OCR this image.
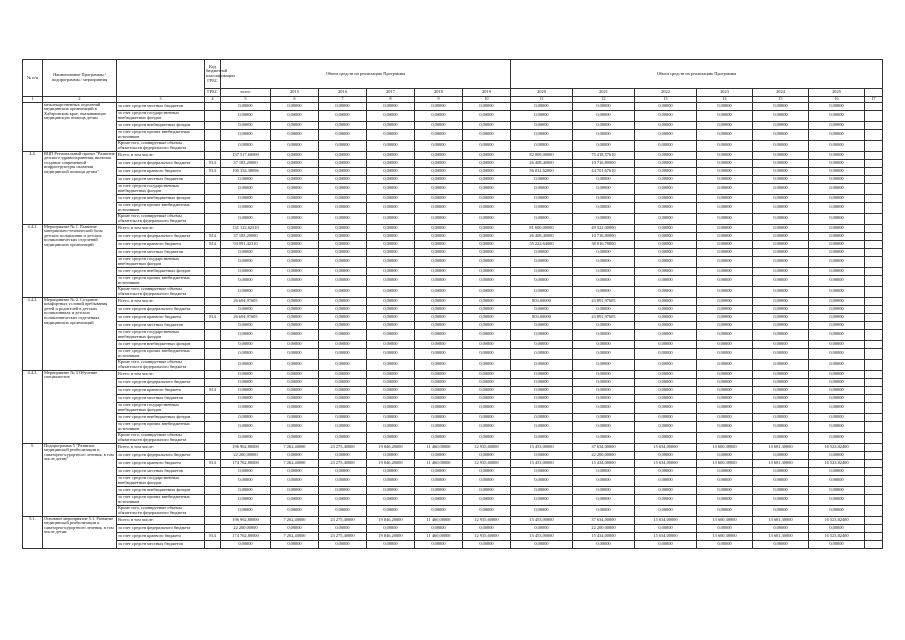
№ п/п	Наименование Программы / подпрограммы / мероприятия		Код бюджетной классификации ГРБС	Объем средств на реализацию Программы						Объем средств на реализацию Программы						
			ГРБС	всего	2015	2016	2017	2018	2019	2020	2021	2022	2023	2024	2025	
1	2	3	4	5	6	7	8	9	10	11	12	13	14	15	16	17
	межлекарственных отделений медицинских организаций в Хабаровском крае, оказывающих медицинскую помощь детям	за счет средств местных бюджетов		0,00000	0,00000	0,00000	0,00000	0,00000	0,00000	0,00000	0,00000	0,00000	0,00000	0,00000	0,00000	
		за счет средств государственных внебюджетных фондов		0,00000	0,00000	0,00000	0,00000	0,00000	0,00000	0,00000	0,00000	0,00000	0,00000	0,00000	0,00000	
		за счет средств внебюджетных фондов		0,00000	0,00000	0,00000	0,00000	0,00000	0,00000	0,00000	0,00000	0,00000	0,00000	0,00000	0,00000	
		за счет средств прочих внебюджетных источников		0,00000	0,00000	0,00000	0,00000	0,00000	0,00000	0,00000	0,00000	0,00000	0,00000	0,00000	0,00000	
		Кроме того, планируемые объемы обязательств федерального бюджета		0,00000	0,00000	0,00000	0,00000	0,00000	0,00000	0,00000	0,00000	0,00000	0,00000	0,00000	0,00000	
4.4.	ВЦП Региональный проект "Развитие детского здравоохранения, включая создание современной инфраструктуры оказания медицинской помощи детям"	Всего, в том числе:		137 517,60000	0,00000	0,00000	0,00000	0,00000	0,00000	82 009,00000	75 418,57610	0,00000	0,00000	0,00000	0,00000	
		за счет средств федерального бюджета	814	37 183,20000	0,00000	0,00000	0,00000	0,00000	0,00000	26 408,40000	10 716,80000	0,00000	0,00000	0,00000	0,00000	
		за счет средств краевого бюджета	814	100 334,38696	0,00000	0,00000	0,00000	0,00000	0,00000	56 032,62000	44 701,67610	0,00000	0,00000	0,00000	0,00000	
		за счет средств местных бюджетов		0,00000	0,00000	0,00000	0,00000	0,00000	0,00000	0,00000	0,00000	0,00000	0,00000	0,00000	0,00000	
		за счет средств государственных внебюджетных фондов		0,00000	0,00000	0,00000	0,00000	0,00000	0,00000	0,00000	0,00000	0,00000	0,00000	0,00000	0,00000	
		за счет средств внебюджетных фондов		0,00000	0,00000	0,00000	0,00000	0,00000	0,00000	0,00000	0,00000	0,00000	0,00000	0,00000	0,00000	
		за счет средств прочих внебюджетных источников		0,00000	0,00000	0,00000	0,00000	0,00000	0,00000	0,00000	0,00000	0,00000	0,00000	0,00000	0,00000	
		Кроме того, планируемые объемы обязательств федерального бюджета		0,00000	0,00000	0,00000	0,00000	0,00000	0,00000	0,00000	0,00000	0,00000	0,00000	0,00000	0,00000	
4.4.1.	Мероприятие № 1. Развитие материально-технической базы детских поликлиник и детских поликлинических отделений медицинских организаций	Всего, в том числе:		131 122,62310	0,00000	0,00000	0,00000	0,00000	0,00000	81 600,00000	49 522,00000	0,00000	0,00000	0,00000	0,00000	
		за счет средств федерального бюджета	814	37 183,20000	0,00000	0,00000	0,00000	0,00000	0,00000	26 408,40000	10 716,80000	0,00000	0,00000	0,00000	0,00000	
		за счет средств краевого бюджета	814	94 091,42310	0,00000	0,00000	0,00000	0,00000	0,00000	55 222,64000	38 816,78000	0,00000	0,00000	0,00000	0,00000	
		за счет средств местных бюджетов		0,00000	0,00000	0,00000	0,00000	0,00000	0,00000	0,00000	0,00000	0,00000	0,00000	0,00000	0,00000	
		за счет средств государственных внебюджетных фондов		0,00000	0,00000	0,00000	0,00000	0,00000	0,00000	0,00000	0,00000	0,00000	0,00000	0,00000	0,00000	
		за счет средств внебюджетных фондов		0,00000	0,00000	0,00000	0,00000	0,00000	0,00000	0,00000	0,00000	0,00000	0,00000	0,00000	0,00000	
		за счет средств прочих внебюджетных источников		0,00000	0,00000	0,00000	0,00000	0,00000	0,00000	0,00000	0,00000	0,00000	0,00000	0,00000	0,00000	
		Кроме того, планируемые объемы обязательств федерального бюджета		0,00000	0,00000	0,00000	0,00000	0,00000	0,00000	0,00000	0,00000	0,00000	0,00000	0,00000	0,00000	
4.4.2.	Мероприятие № 2. Создание комфортных условий пребывания детей и родителей в детских поликлиниках и детских поликлинических отделениях медицинских организаций	Всего, в том числе:		26 694,97605	0,00000	0,00000	0,00000	0,00000	0,00000	803,00000	23 891,97605	0,00000	0,00000	0,00000	0,00000	
		за счет средств федерального бюджета		0,00000	0,00000	0,00000	0,00000	0,00000	0,00000	0,00000	0,00000	0,00000	0,00000	0,00000	0,00000	
		за счет средств краевого бюджета	814	26 694,97605	0,00000	0,00000	0,00000	0,00000	0,00000	803,00000	23 891,97605	0,00000	0,00000	0,00000	0,00000	
		за счет средств местных бюджетов		0,00000	0,00000	0,00000	0,00000	0,00000	0,00000	0,00000	0,00000	0,00000	0,00000	0,00000	0,00000	
		за счет средств государственных внебюджетных фондов		0,00000	0,00000	0,00000	0,00000	0,00000	0,00000	0,00000	0,00000	0,00000	0,00000	0,00000	0,00000	
		за счет средств внебюджетных фондов		0,00000	0,00000	0,00000	0,00000	0,00000	0,00000	0,00000	0,00000	0,00000	0,00000	0,00000	0,00000	
		за счет средств прочих внебюджетных источников		0,00000	0,00000	0,00000	0,00000	0,00000	0,00000	0,00000	0,00000	0,00000	0,00000	0,00000	0,00000	
		Кроме того, планируемые объемы обязательств федерального бюджета		0,00000	0,00000	0,00000	0,00000	0,00000	0,00000	0,00000	0,00000	0,00000	0,00000	0,00000	0,00000	
4.4.3.	Мероприятие № 3 Обучение специалистов	Всего, в том числе:		0,00000	0,00000	0,00000	0,00000	0,00000	0,00000	0,00000	0,00000	0,00000	0,00000	0,00000	0,00000	
		за счет средств федерального бюджета		0,00000	0,00000	0,00000	0,00000	0,00000	0,00000	0,00000	0,00000	0,00000	0,00000	0,00000	0,00000	
		за счет средств краевого бюджета	814	0,00000	0,00000	0,00000	0,00000	0,00000	0,00000	0,00000	0,00000	0,00000	0,00000	0,00000	0,00000	
		за счет средств местных бюджетов		0,00000	0,00000	0,00000	0,00000	0,00000	0,00000	0,00000	0,00000	0,00000	0,00000	0,00000	0,00000	
		за счет средств государственных внебюджетных фондов		0,00000	0,00000	0,00000	0,00000	0,00000	0,00000	0,00000	0,00000	0,00000	0,00000	0,00000	0,00000	
		за счет средств внебюджетных фондов		0,00000	0,00000	0,00000	0,00000	0,00000	0,00000	0,00000	0,00000	0,00000	0,00000	0,00000	0,00000	
		за счет средств прочих внебюджетных источников		0,00000	0,00000	0,00000	0,00000	0,00000	0,00000	0,00000	0,00000	0,00000	0,00000	0,00000	0,00000	
		Кроме того, планируемые объемы обязательств федерального бюджета		0,00000	0,00000	0,00000	0,00000	0,00000	0,00000	0,00000	0,00000	0,00000	0,00000	0,00000	0,00000	
5.	Подпрограмма 5 "Развитие медицинской реабилитации и санаторно-курортного лечения, в том числе детям"	Всего, в том числе:		196 962,80000	7 262,40000	23 275,40000	19 846,20000	11 460,00000	12 935,60000	13 453,00000	37 634,00000	15 634,00000	13 600,38000	13 681,30000	16 523,82400	
		за счет средств федерального бюджета		22 200,00000	0,00000	0,00000	0,00000	0,00000	0,00000	0,00000	22 200,00000	0,00000	0,00000	0,00000	0,00000	
		за счет средств краевого бюджета	814	174 762,80000	7 262,40000	23 275,40000	19 846,20000	11 460,00000	12 935,60000	13 453,00000	15 434,00000	15 634,00000	13 600,38000	13 681,30000	16 523,82400	
		за счет средств местных бюджетов		0,00000	0,00000	0,00000	0,00000	0,00000	0,00000	0,00000	0,00000	0,00000	0,00000	0,00000	0,00000	
		за счет средств государственных внебюджетных фондов		0,00000	0,00000	0,00000	0,00000	0,00000	0,00000	0,00000	0,00000	0,00000	0,00000	0,00000	0,00000	
		за счет средств внебюджетных фондов		0,00000	0,00000	0,00000	0,00000	0,00000	0,00000	0,00000	0,00000	0,00000	0,00000	0,00000	0,00000	
		за счет средств прочих внебюджетных источников		0,00000	0,00000	0,00000	0,00000	0,00000	0,00000	0,00000	0,00000	0,00000	0,00000	0,00000	0,00000	
		Кроме того, планируемые объемы обязательств федерального бюджета		0,00000	0,00000	0,00000	0,00000	0,00000	0,00000	0,00000	0,00000	0,00000	0,00000	0,00000	0,00000	
5.1.	Основное мероприятие 5.1. Развитие медицинской реабилитации и санаторно-курортного лечения, в том числе детям	Всего, в том числе:		196 962,80000	7 262,40000	23 275,40000	19 846,20000	11 460,00000	12 935,60000	13 453,00000	37 634,00000	15 634,00000	13 600,38000	13 681,30000	16 523,82400	
		за счет средств федерального бюджета		22 200,00000	0,00000	0,00000	0,00000	0,00000	0,00000	0,00000	22 200,00000	0,00000	0,00000	0,00000	0,00000	
		за счет средств краевого бюджета	814	174 762,80000	7 262,40000	23 275,40000	19 846,20000	11 460,00000	12 935,60000	13 453,00000	15 434,00000	15 634,00000	13 600,38000	13 681,30000	16 523,82400	
		за счет средств местных бюджетов		0,00000	0,00000	0,00000	0,00000	0,00000	0,00000	0,00000	0,00000	0,00000	0,00000	0,00000	0,00000	
